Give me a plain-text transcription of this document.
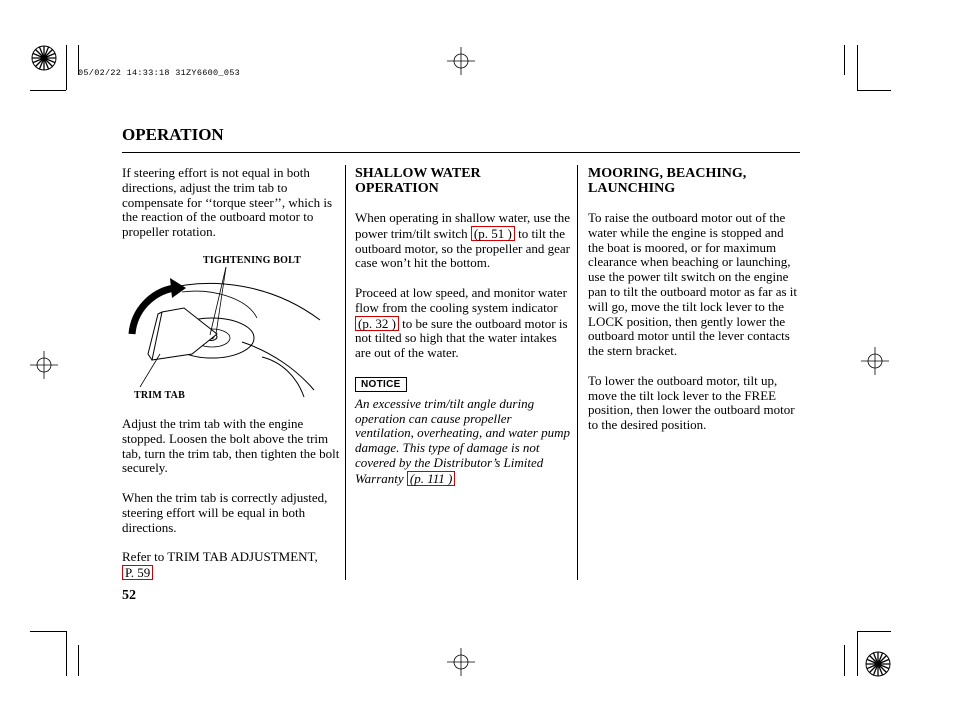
05/02/22 14:33:18 31ZY6600_053
OPERATION

If steering effort is not equal in both directions, adjust the trim tab to compensate for ‘‘torque steer’’, which is the reaction of the outboard motor to propeller rotation.

TIGHTENING BOLT
TRIM TAB

Adjust the trim tab with the engine stopped. Loosen the bolt above the trim tab, turn the trim tab, then tighten the bolt securely.

When the trim tab is correctly adjusted, steering effort will be equal in both directions.

Refer to TRIM TAB ADJUSTMENT,
P. 59

SHALLOW WATER
OPERATION

When operating in shallow water, use the power trim/tilt switch (p. 51 ) to tilt the outboard motor, so the propeller and gear case won’t hit the bottom.

Proceed at low speed, and monitor water flow from the cooling system indicator (p. 32 ) to be sure the outboard motor is not tilted so high that the water intakes are out of the water.

NOTICE

An excessive trim/tilt angle during operation can cause propeller ventilation, overheating, and water pump damage. This type of damage is not covered by the Distributor’s Limited Warranty (p. 111 )

MOORING, BEACHING,
LAUNCHING

To raise the outboard motor out of the water while the engine is stopped and the boat is moored, or for maximum clearance when beaching or launching, use the power tilt switch on the engine pan to tilt the outboard motor as far as it will go, move the tilt lock lever to the LOCK position, then gently lower the outboard motor until the lever contacts the stern bracket.

To lower the outboard motor, tilt up, move the tilt lock lever to the FREE position, then lower the outboard motor to the desired position.

52
